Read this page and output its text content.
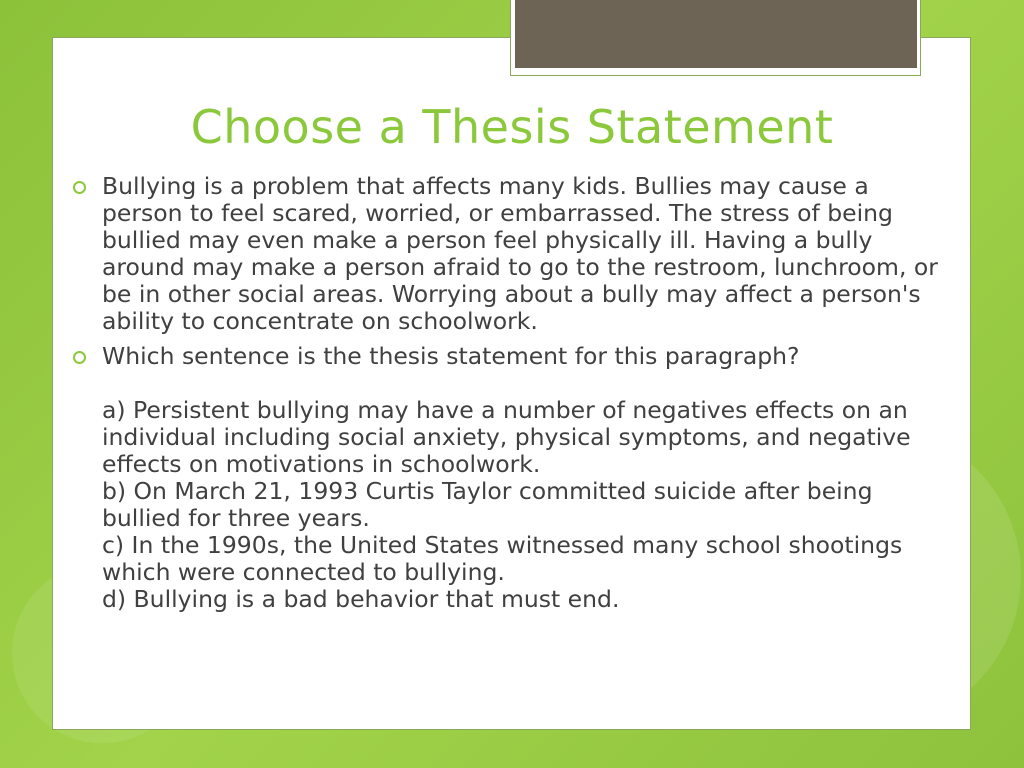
Choose a Thesis Statement
Bullying is a problem that affects many kids. Bullies may cause a person to feel scared, worried, or embarrassed. The stress of being bullied may even make a person feel physically ill. Having a bully around may make a person afraid to go to the restroom, lunchroom, or be in other social areas. Worrying about a bully may affect a person's ability to concentrate on schoolwork.
Which sentence is the thesis statement for this paragraph?
a) Persistent bullying may have a number of negatives effects on an individual including social anxiety, physical symptoms, and negative effects on motivations in schoolwork.
b) On March 21, 1993 Curtis Taylor committed suicide after being bullied for three years.
c) In the 1990s, the United States witnessed many school shootings which were connected to bullying.
d) Bullying is a bad behavior that must end.
